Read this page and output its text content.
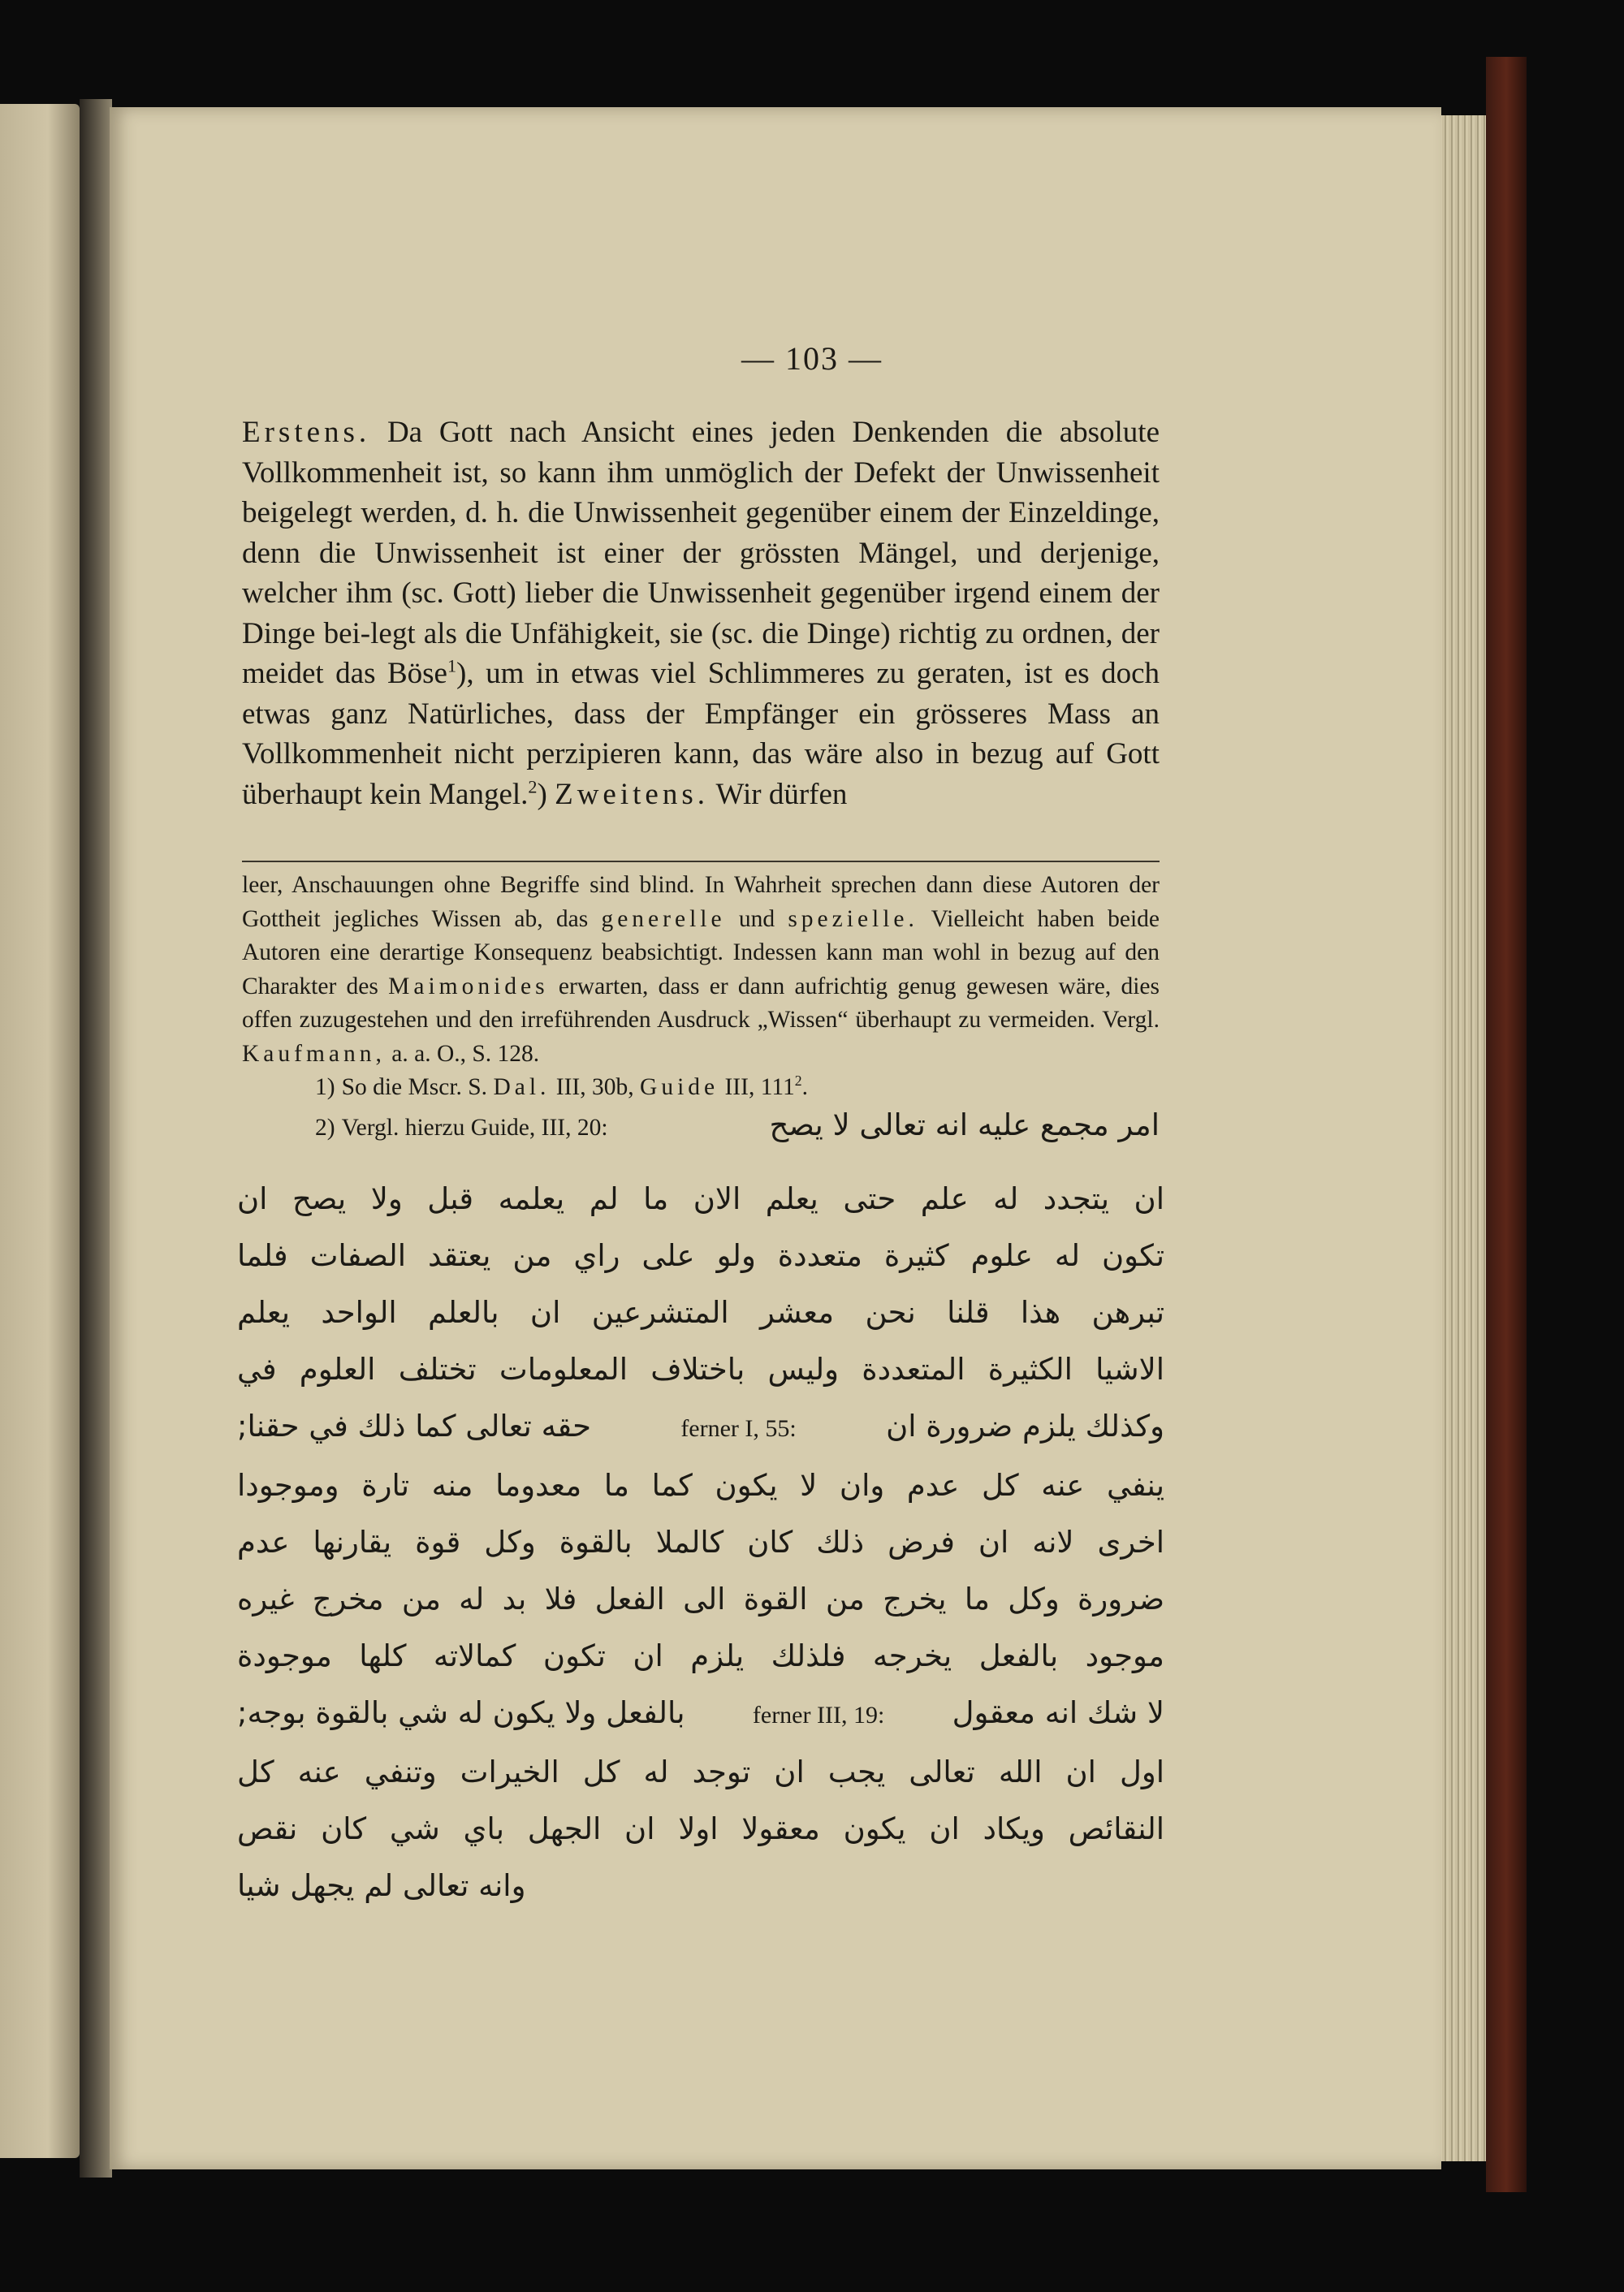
— 103 —

Erstens. Da Gott nach Ansicht eines jeden Denkenden die absolute Vollkommenheit ist, so kann ihm unmöglich der Defekt der Unwissenheit beigelegt werden, d. h. die Unwissenheit gegenüber einem der Einzeldinge, denn die Unwissenheit ist einer der grössten Mängel, und derjenige, welcher ihm (sc. Gott) lieber die Unwissenheit gegenüber irgend einem der Dinge bei-legt als die Unfähigkeit, sie (sc. die Dinge) richtig zu ordnen, der meidet das Böse$^1$), um in etwas viel Schlimmeres zu geraten, ist es doch etwas ganz Natürliches, dass der Empfänger ein grösseres Mass an Vollkommenheit nicht perzipieren kann, das wäre also in bezug auf Gott überhaupt kein Mangel.$^2$) Zweitens. Wir dürfen

leer, Anschauungen ohne Begriffe sind blind. In Wahrheit sprechen dann diese Autoren der Gottheit jegliches Wissen ab, das generelle und spezielle. Vielleicht haben beide Autoren eine derartige Konsequenz beabsichtigt. Indessen kann man wohl in bezug auf den Charakter des Maimonides erwarten, dass er dann aufrichtig genug gewesen wäre, dies offen zuzugestehen und den irreführenden Ausdruck „Wissen“ überhaupt zu vermeiden. Vergl. Kaufmann, a. a. O., S. 128.

1) So die Mscr. S. Dal. III, 30b, Guide III, $111^2$.

2) Vergl. hierzu Guide, III, 20:	امر مجمع عليه انه تعالى لا يصح
ان يتجدد له علم حتى يعلم الان ما لم يعلمه قبل ولا يصح ان
تكون له علوم كثيرة متعددة ولو على راي من يعتقد الصفات فلما
تبرهن هذا قلنا نحن معشر المتشرعين ان بالعلم الواحد يعلم
الاشيا الكثيرة المتعددة وليس باختلاف المعلومات تختلف العلوم في
حقه تعالى كما ذلك في حقنا;	ferner I, 55:	وكذلك يلزم ضرورة ان
ينفي عنه كل عدم وان لا يكون كما ما معدوما منه تارة وموجودا
اخرى لانه ان فرض ذلك كان كالملا بالقوة وكل قوة يقارنها عدم
ضرورة وكل ما يخرج من القوة الى الفعل فلا بد له من مخرج غيره
موجود بالفعل يخرجه فلذلك يلزم ان تكون كمالاته كلها موجودة
بالفعل ولا يكون له شي بالقوة بوجه;	ferner III, 19: لا شك انه معقول
اول ان الله تعالى يجب ان توجد له كل الخيرات وتنفي عنه كل
النقائص ويكاد ان يكون معقولا اولا ان الجهل باي شي كان نقص
وانه تعالى لم يجهل شيا
